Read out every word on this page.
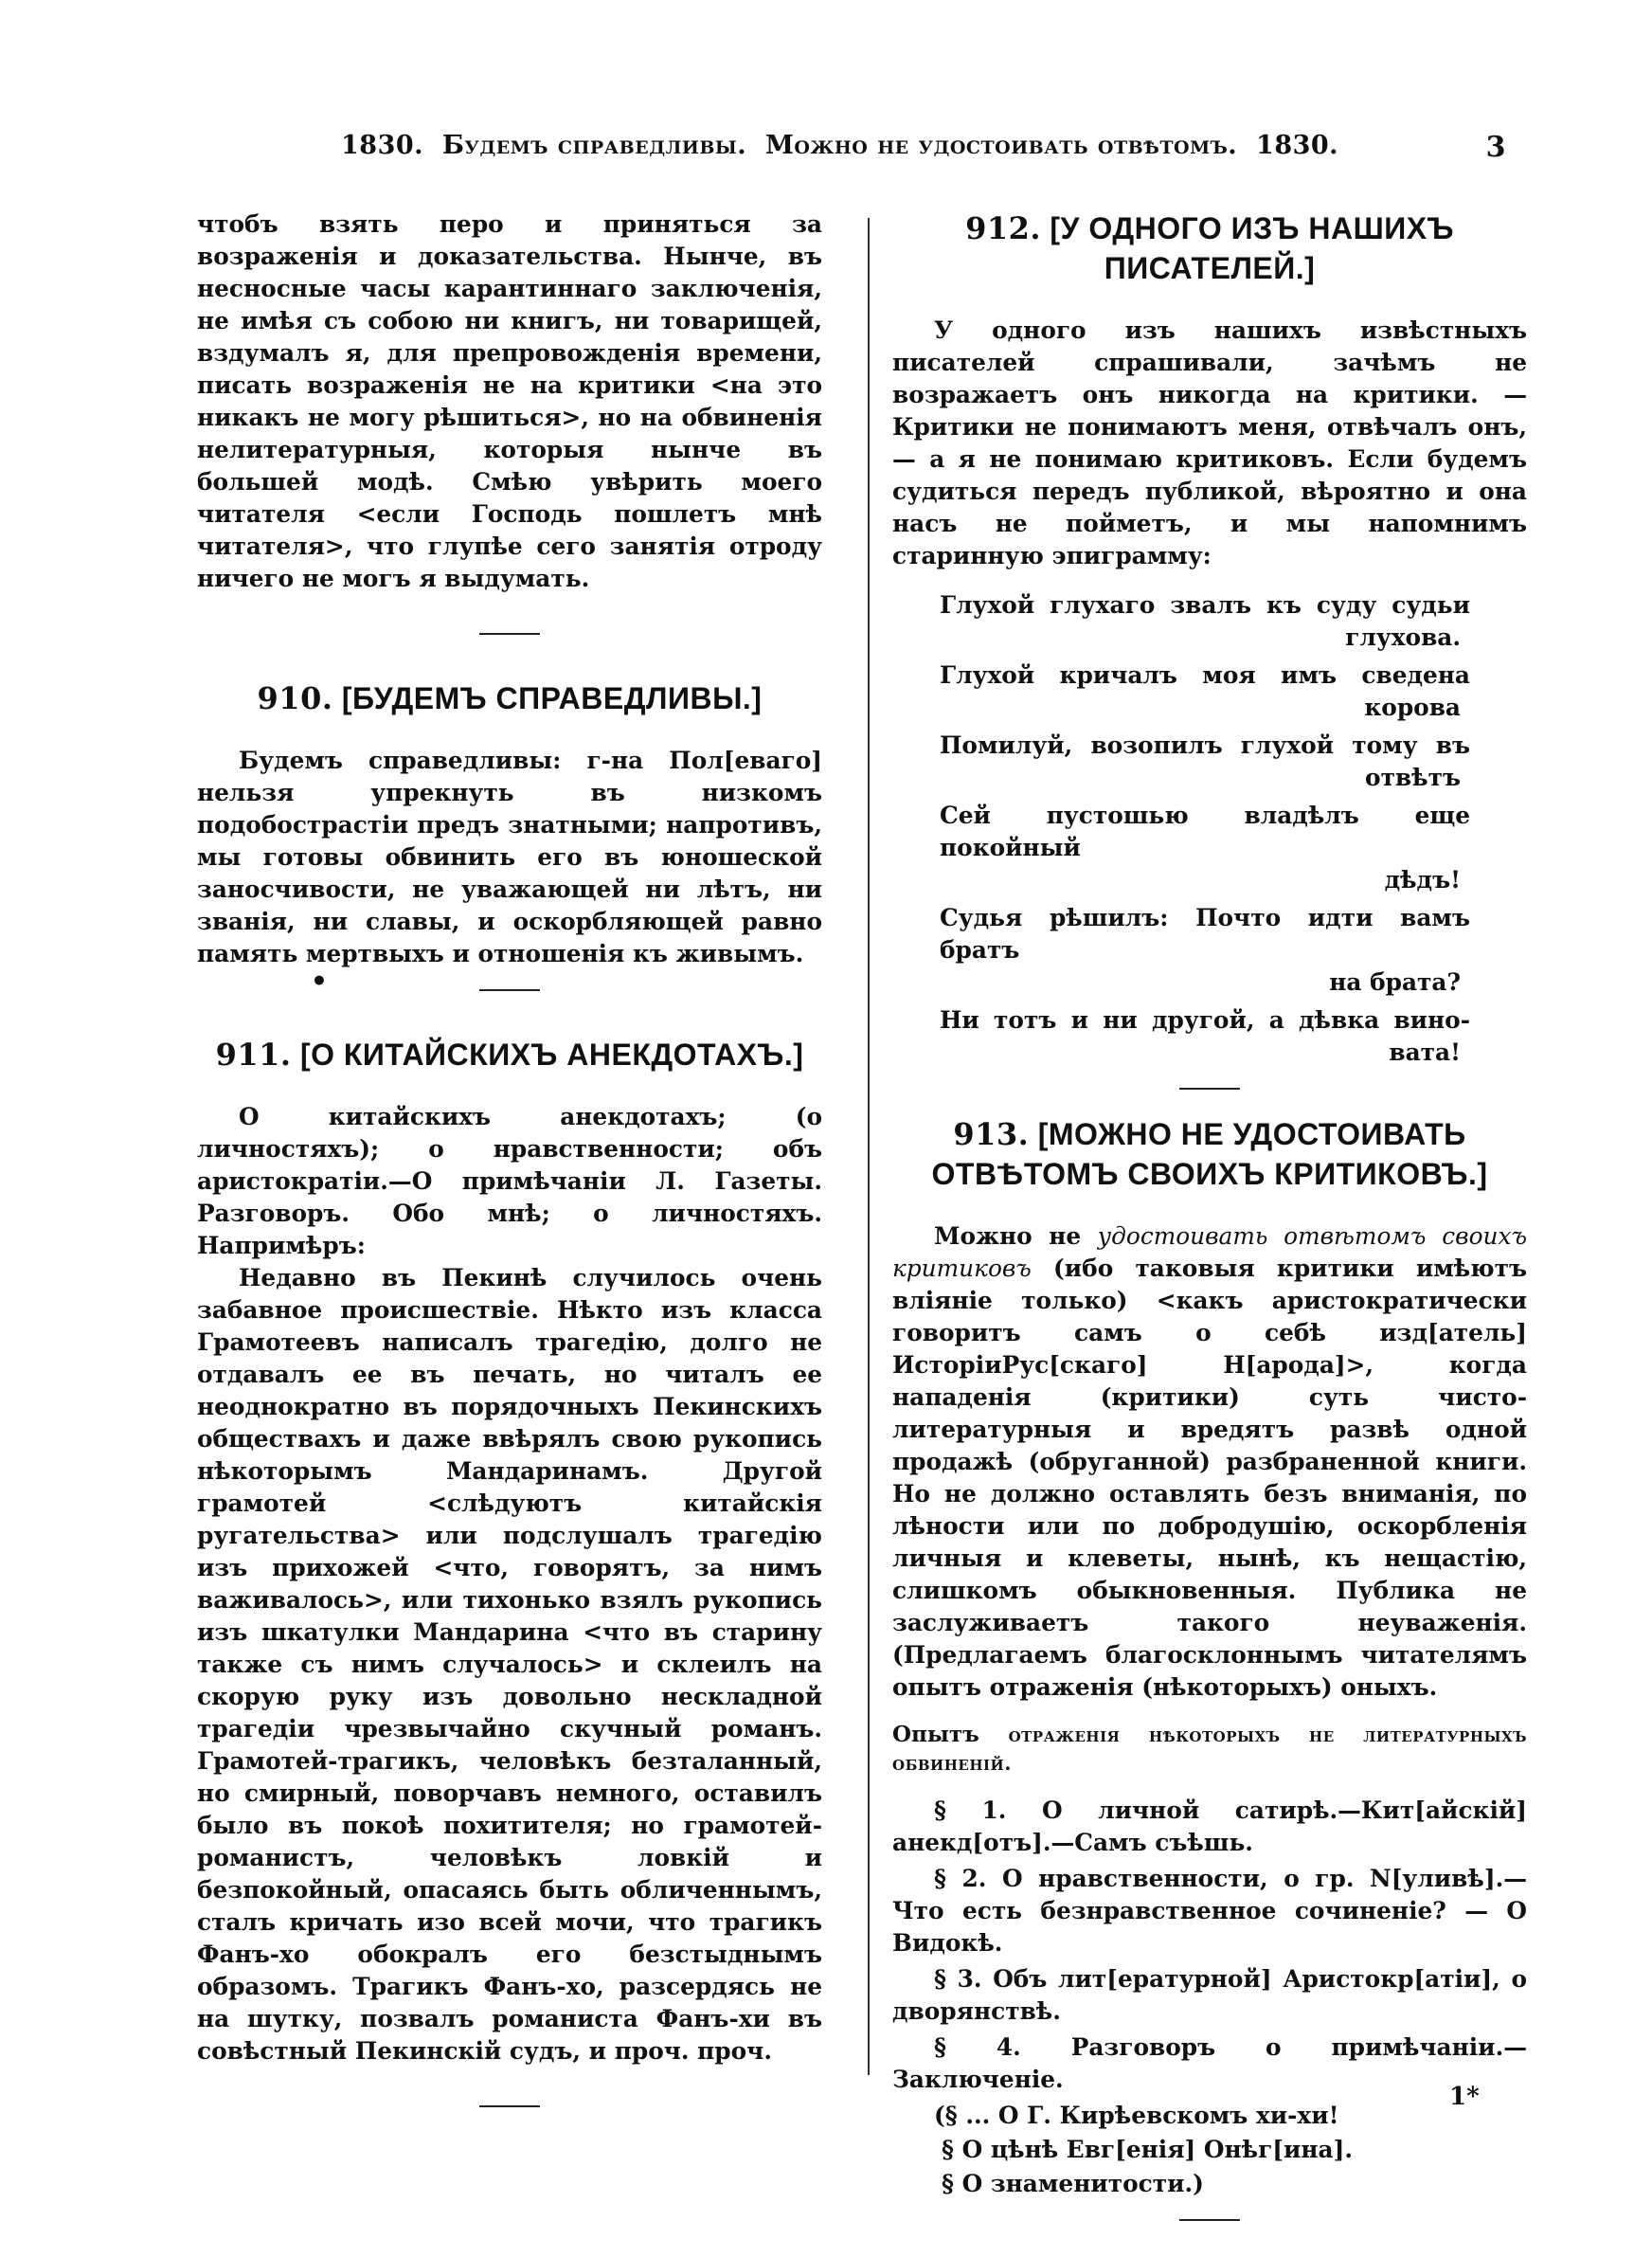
1830. Будемъ справедливы. Можно не удостоивать отвѣтомъ. 1830.	3

чтобъ взять перо и приняться за возраженія и доказательства. Нынче, въ несносные часы карантиннаго заключенія, не имѣя съ собою ни книгъ, ни товарищей, вздумалъ я, для препровожденія времени, писать возраженія не на критики <на это никакъ не могу рѣшиться>, но на обвиненія нелитературныя, которыя нынче въ большей модѣ. Смѣю увѣрить моего читателя <если Господь пошлетъ мнѣ читателя>, что глупѣе сего занятія отроду ничего не могъ я выдумать.

910. [БУДЕМЪ СПРАВЕДЛИВЫ.]

Будемъ справедливы: г-на Пол[еваго] нельзя упрекнуть въ низкомъ подобострастіи предъ знатными; напротивъ, мы готовы обвинить его въ юношеской заносчивости, не уважающей ни лѣтъ, ни званія, ни славы, и оскорбляющей равно память мертвыхъ и отношенія къ живымъ.

•
911. [О КИТАЙСКИХЪ АНЕКДОТАХЪ.]

О китайскихъ анекдотахъ; (о личностяхъ); о нравственности; объ аристократіи.—О примѣчаніи Л. Газеты. Разговоръ. Обо мнѣ; о личностяхъ. Напримѣръ:

Недавно въ Пекинѣ случилось очень забавное происшествіе. Нѣкто изъ класса Грамотеевъ написалъ трагедію, долго не отдавалъ ее въ печать, но читалъ ее неоднократно въ порядочныхъ Пекинскихъ обществахъ и даже ввѣрялъ свою рукопись нѣкоторымъ Мандаринамъ. Другой грамотей <слѣдуютъ китайскія ругательства> или подслушалъ трагедію изъ прихожей <что, говорятъ, за нимъ важивалось>, или тихонько взялъ рукопись изъ шкатулки Мандарина <что въ старину также съ нимъ случалось> и склеилъ на скорую руку изъ довольно нескладной трагедіи чрезвычайно скучный романъ. Грамотей-трагикъ, человѣкъ безталанный, но смирный, поворчавъ немного, оставилъ было въ покоѣ похитителя; но грамотей-романистъ, человѣкъ ловкій и безпокойный, опасаясь быть обличеннымъ, сталъ кричать изо всей мочи, что трагикъ Фанъ-хо обокралъ его безстыднымъ образомъ. Трагикъ Фанъ-хо, разсердясь не на шутку, позвалъ романиста Фанъ-хи въ совѣстный Пекинскій судъ, и проч. проч.

912. [У ОДНОГО ИЗЪ НАШИХЪ ПИСАТЕЛЕЙ.]

У одного изъ нашихъ извѣстныхъ писателей спрашивали, зачѣмъ не возражаетъ онъ никогда на критики. — Критики не понимаютъ меня, отвѣчалъ онъ, — а я не понимаю критиковъ. Если будемъ судиться передъ публикой, вѣроятно и она насъ не пойметъ, и мы напомнимъ старинную эпиграмму:

Глухой глухаго звалъ къ суду судьи
глухова.
Глухой кричалъ моя имъ сведена
корова
Помилуй, возопилъ глухой тому въ
отвѣтъ
Сей пустошью владѣлъ еще покойный
дѣдъ!
Судья рѣшилъ: Почто идти вамъ братъ
на брата?
Ни тотъ и ни другой, а дѣвка вино-
вата!
913. [МОЖНО НЕ УДОСТОИВАТЬ ОТВѢТОМЪ СВОИХЪ КРИТИКОВЪ.]

Можно не удостоивать отвѣтомъ своихъ критиковъ (ибо таковыя критики имѣютъ вліяніе только) <какъ аристократически говоритъ самъ о себѣ изд[атель] ИсторіиРус[скаго] Н[арода]>, когда нападенія (критики) суть чисто-литературныя и вредятъ развѣ одной продажѣ (обруганной) разбраненной книги. Но не должно оставлять безъ вниманія, по лѣности или по добродушію, оскорбленія личныя и клеветы, нынѣ, къ нещастію, слишкомъ обыкновенныя. Публика не заслуживаетъ такого неуваженія. (Предлагаемъ благосклоннымъ читателямъ опытъ отраженія (нѣкоторыхъ) оныхъ.

Опытъ отраженія нѣкоторыхъ не литературныхъ обвиненій.

§ 1. О личной сатирѣ.—Кит[айскій] анекд[отъ].—Самъ съѣшь.

§ 2. О нравственности, о гр. N[уливѣ].— Что есть безнравственное сочиненіе? — О Видокѣ.

§ 3. Объ лит[ературной] Аристокр[атіи], о дворянствѣ.

§ 4. Разговоръ о примѣчаніи.—Заключеніе.

(§ ... О Г. Кирѣевскомъ хи-хи!
§ О цѣнѣ Евг[енія] Онѣг[ина].
§ О знаменитости.)
1*
